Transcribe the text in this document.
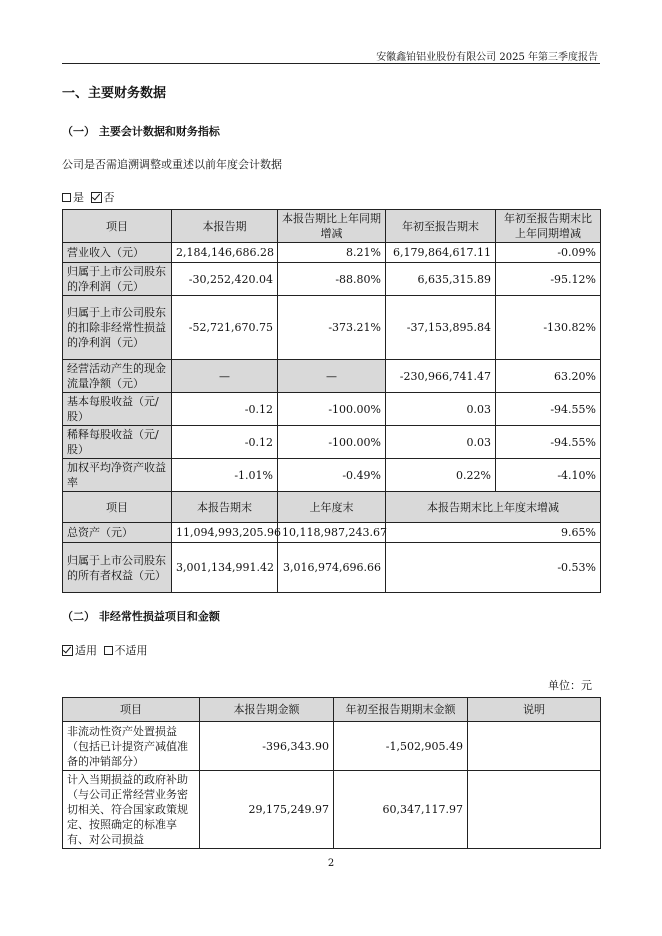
安徽鑫铂铝业股份有限公司 2025 年第三季度报告
一、主要财务数据
（一） 主要会计数据和财务指标
公司是否需追溯调整或重述以前年度会计数据
是 否
项目	本报告期	本报告期比上年同期增减	年初至报告期末	年初至报告期末比上年同期增减
营业收入（元）	2,184,146,686.28	8.21%	6,179,864,617.11	-0.09%
归属于上市公司股东的净利润（元）	-30,252,420.04	-88.80%	6,635,315.89	-95.12%
归属于上市公司股东的扣除非经常性损益的净利润（元）	-52,721,670.75	-373.21%	-37,153,895.84	-130.82%
经营活动产生的现金流量净额（元）	—	—	-230,966,741.47	63.20%
基本每股收益（元/股）	-0.12	-100.00%	0.03	-94.55%
稀释每股收益（元/股）	-0.12	-100.00%	0.03	-94.55%
加权平均净资产收益率	-1.01%	-0.49%	0.22%	-4.10%
项目	本报告期末	上年度末	本报告期末比上年度末增减	
总资产（元）	11,094,993,205.96	10,118,987,243.67	9.65%	
归属于上市公司股东的所有者权益（元）	3,001,134,991.42	3,016,974,696.66	-0.53%	
（二） 非经常性损益项目和金额
适用 不适用
单位：元
项目	本报告期金额	年初至报告期期末金额	说明
非流动性资产处置损益（包括已计提资产减值准备的冲销部分）	-396,343.90	-1,502,905.49	
计入当期损益的政府补助（与公司正常经营业务密切相关、符合国家政策规定、按照确定的标准享有、对公司损益	29,175,249.97	60,347,117.97	
2
